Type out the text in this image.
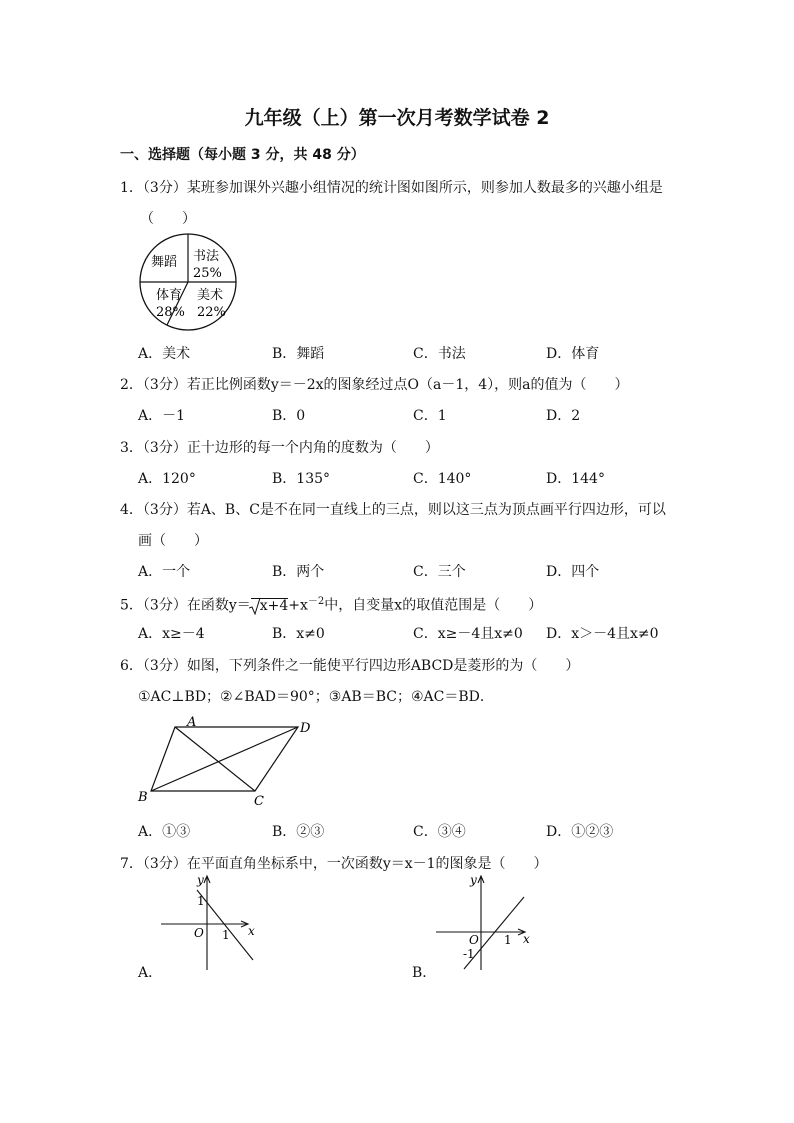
九年级（上）第一次月考数学试卷 2
一、选择题（每小题 3 分，共 48 分）
1．（3分）某班参加课外兴趣小组情况的统计图如图所示，则参加人数最多的兴趣小组是
（　　）
舞蹈 书法
25%
体育
28%
美术
22%
A．美术	B．舞蹈	C．书法	D．体育
2．（3分）若正比例函数y＝－2x的图象经过点O（a－1，4），则a的值为（　　）
A．－1	B．0	C．1	D．2
3．（3分）正十边形的每一个内角的度数为（　　）
A．120°	B．135°	C．140°	D．144°
4．（3分）若A、B、C是不在同一直线上的三点，则以这三点为顶点画平行四边形，可以
画（　　）
A．一个	B．两个	C．三个	D．四个
5．（3分）在函数$y= x+4+x^{-2}$中，自变量x的取值范围是（　　）
A．x≥－4	B．x≠0	C．x≥－4且x≠0 D．x＞－4且x≠0
6．（3分）如图，下列条件之一能使平行四边形ABCD是菱形的为（　　）
①AC⊥BD；②∠BAD＝90°；③AB＝BC；④AC＝BD．
A	D
B	C
A．①③	B．②③	C．③④	D．①②③
7．（3分）在平面直角坐标系中，一次函数y＝x－1的图象是（　　）
y
x
O
1
1
A．
y
x
O
-1
1
B．
